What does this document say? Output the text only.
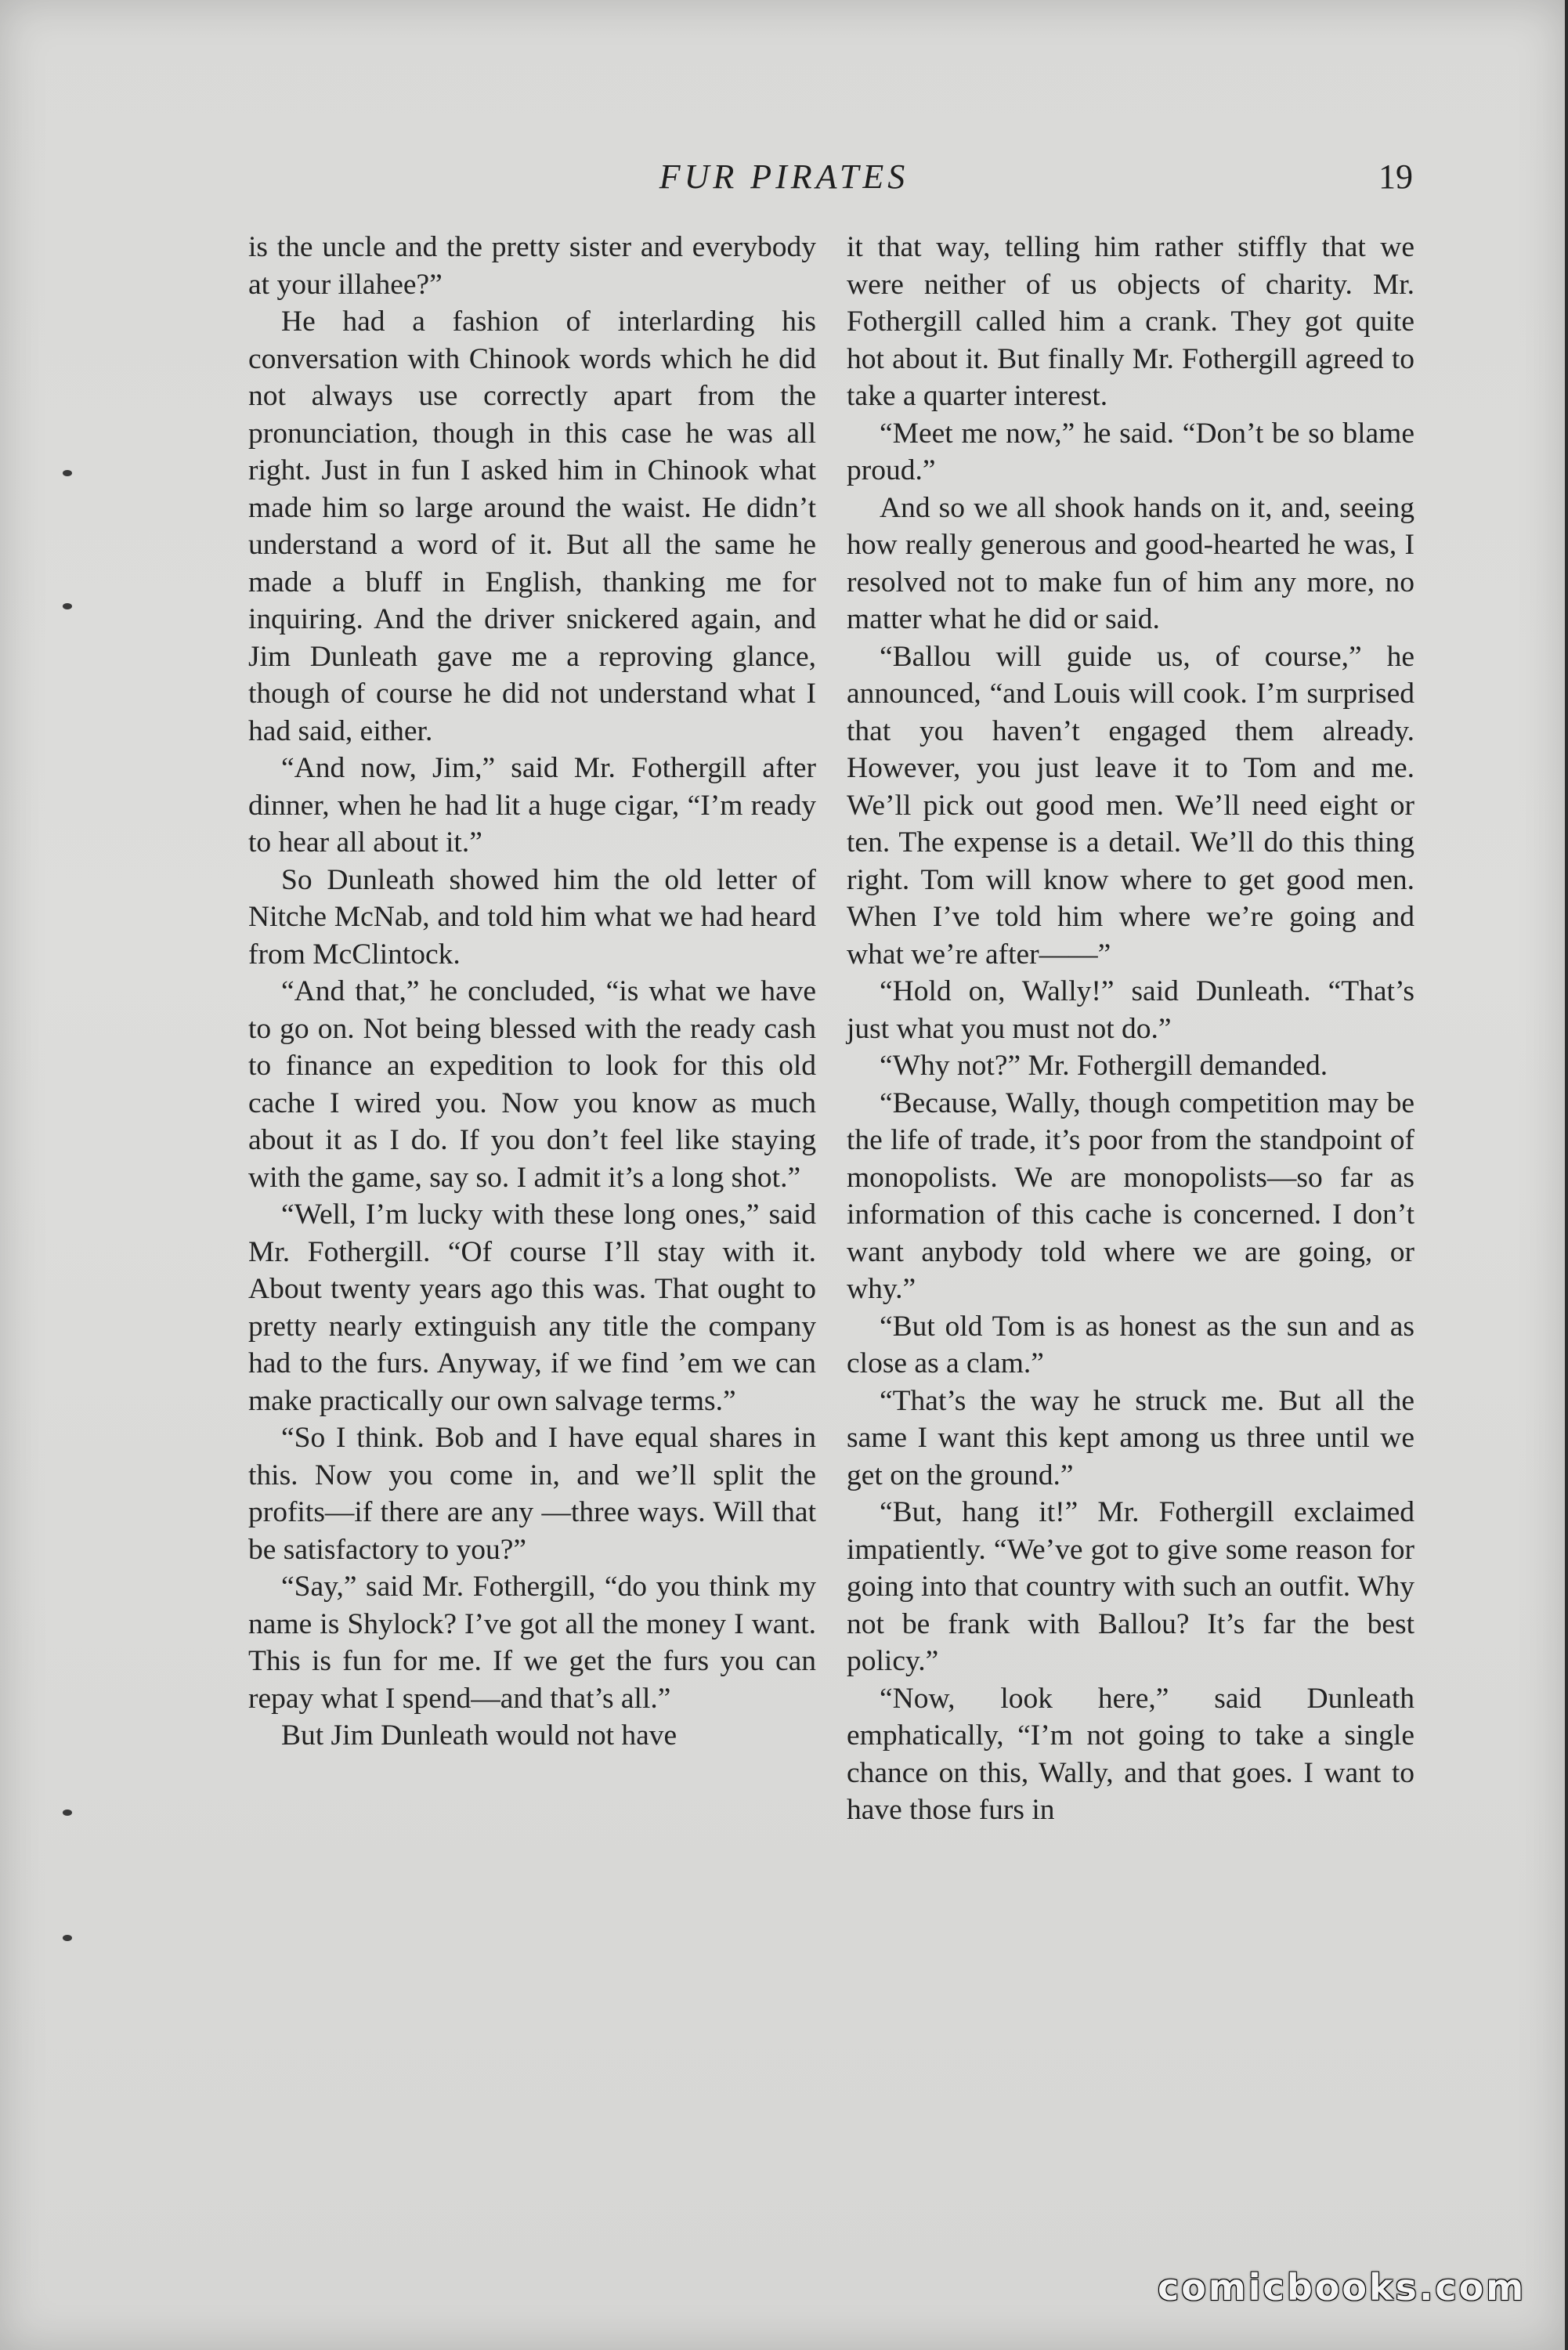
FUR PIRATES	19

is the uncle and the pretty sister and everybody at your illahee?”

He had a fashion of interlarding his conversation with Chinook words which he did not always use correctly apart from the pronunciation, though in this case he was all right. Just in fun I asked him in Chinook what made him so large around the waist. He didn’t understand a word of it. But all the same he made a bluff in English, thanking me for inquiring. And the driver snickered again, and Jim Dunleath gave me a reproving glance, though of course he did not understand what I had said, either.

“And now, Jim,” said Mr. Fothergill after dinner, when he had lit a huge cigar, “I’m ready to hear all about it.”

So Dunleath showed him the old letter of Nitche McNab, and told him what we had heard from McClintock.

“And that,” he concluded, “is what we have to go on. Not being blessed with the ready cash to finance an expedition to look for this old cache I wired you. Now you know as much about it as I do. If you don’t feel like staying with the game, say so. I admit it’s a long shot.”

“Well, I’m lucky with these long ones,” said Mr. Fothergill. “Of course I’ll stay with it. About twenty years ago this was. That ought to pretty nearly extinguish any title the company had to the furs. Anyway, if we find ’em we can make practically our own salvage terms.”

“So I think. Bob and I have equal shares in this. Now you come in, and we’ll split the profits—if there are any —three ways. Will that be satisfactory to you?”

“Say,” said Mr. Fothergill, “do you think my name is Shylock? I’ve got all the money I want. This is fun for me. If we get the furs you can repay what I spend—and that’s all.”

But Jim Dunleath would not have

it that way, telling him rather stiffly that we were neither of us objects of charity. Mr. Fothergill called him a crank. They got quite hot about it. But finally Mr. Fothergill agreed to take a quarter interest.

“Meet me now,” he said. “Don’t be so blame proud.”

And so we all shook hands on it, and, seeing how really generous and good-hearted he was, I resolved not to make fun of him any more, no matter what he did or said.

“Ballou will guide us, of course,” he announced, “and Louis will cook. I’m surprised that you haven’t engaged them already. However, you just leave it to Tom and me. We’ll pick out good men. We’ll need eight or ten. The expense is a detail. We’ll do this thing right. Tom will know where to get good men. When I’ve told him where we’re going and what we’re after——”

“Hold on, Wally!” said Dunleath. “That’s just what you must not do.”

“Why not?” Mr. Fothergill demanded.

“Because, Wally, though competition may be the life of trade, it’s poor from the standpoint of monopolists. We are monopolists—so far as information of this cache is concerned. I don’t want anybody told where we are going, or why.”

“But old Tom is as honest as the sun and as close as a clam.”

“That’s the way he struck me. But all the same I want this kept among us three until we get on the ground.”

“But, hang it!” Mr. Fothergill exclaimed impatiently. “We’ve got to give some reason for going into that country with such an outfit. Why not be frank with Ballou? It’s far the best policy.”

“Now, look here,” said Dunleath emphatically, “I’m not going to take a single chance on this, Wally, and that goes. I want to have those furs in

comicbooks.com
